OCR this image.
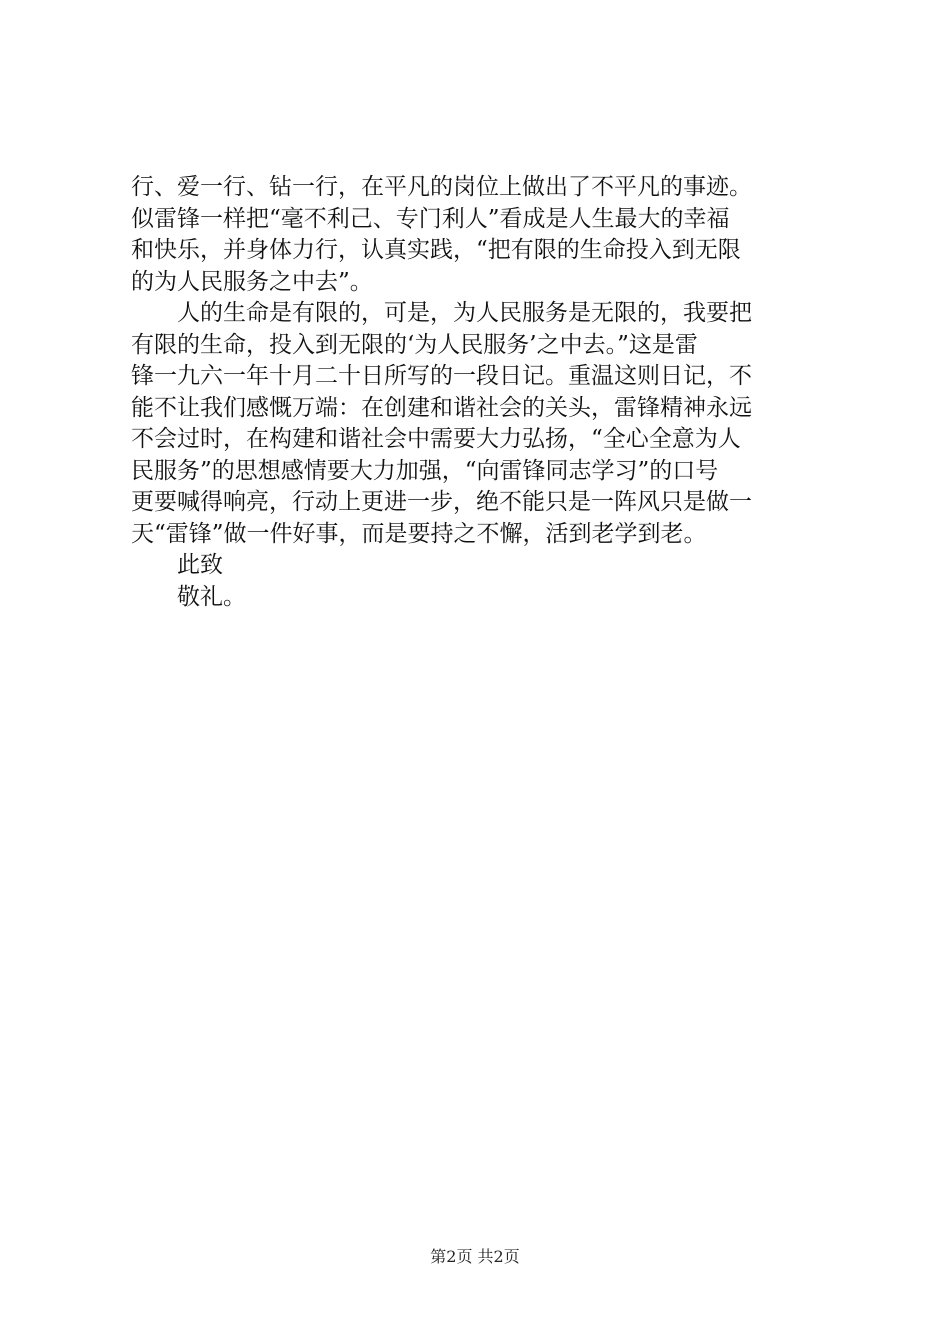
行、爱一行、钻一行，在平凡的岗位上做出了不平凡的事迹。
似雷锋一样把“毫不利己、专门利人”看成是人生最大的幸福
和快乐，并身体力行，认真实践，“把有限的生命投入到无限
的为人民服务之中去”。
人的生命是有限的，可是，为人民服务是无限的，我要把
有限的生命，投入到无限的‘为人民服务’之中去。”这是雷
锋一九六一年十月二十日所写的一段日记。重温这则日记，不
能不让我们感慨万端：在创建和谐社会的关头，雷锋精神永远
不会过时，在构建和谐社会中需要大力弘扬，“全心全意为人
民服务”的思想感情要大力加强，“向雷锋同志学习”的口号
更要喊得响亮，行动上更进一步，绝不能只是一阵风只是做一
天“雷锋”做一件好事，而是要持之不懈，活到老学到老。
此致
敬礼。
第2页 共2页
